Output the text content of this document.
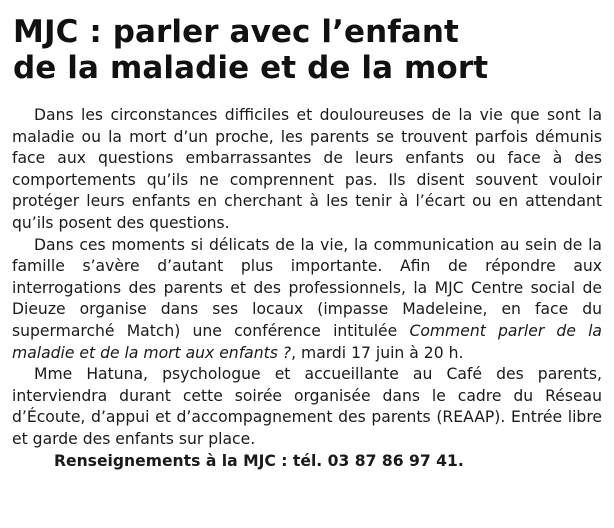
MJC : parler avec l’enfant
de la maladie et de la mort

Dans les circonstances difficiles et douloureuses de la vie que sont la maladie ou la mort d’un proche, les parents se trouvent parfois démunis face aux questions embarrassantes de leurs enfants ou face à des comportements qu’ils ne comprennent pas. Ils disent souvent vouloir protéger leurs enfants en cherchant à les tenir à l’écart ou en attendant qu’ils posent des questions.

Dans ces moments si délicats de la vie, la communication au sein de la famille s’avère d’autant plus importante. Afin de répondre aux interrogations des parents et des professionnels, la MJC Centre social de Dieuze organise dans ses locaux (impasse Madeleine, en face du supermarché Match) une conférence intitulée Comment parler de la maladie et de la mort aux enfants ?, mardi 17 juin à 20 h.

Mme Hatuna, psychologue et accueillante au Café des parents, interviendra durant cette soirée organisée dans le cadre du Réseau d’Écoute, d’appui et d’accompagnement des parents (REAAP). Entrée libre et garde des enfants sur place.

Renseignements à la MJC : tél. 03 87 86 97 41.
